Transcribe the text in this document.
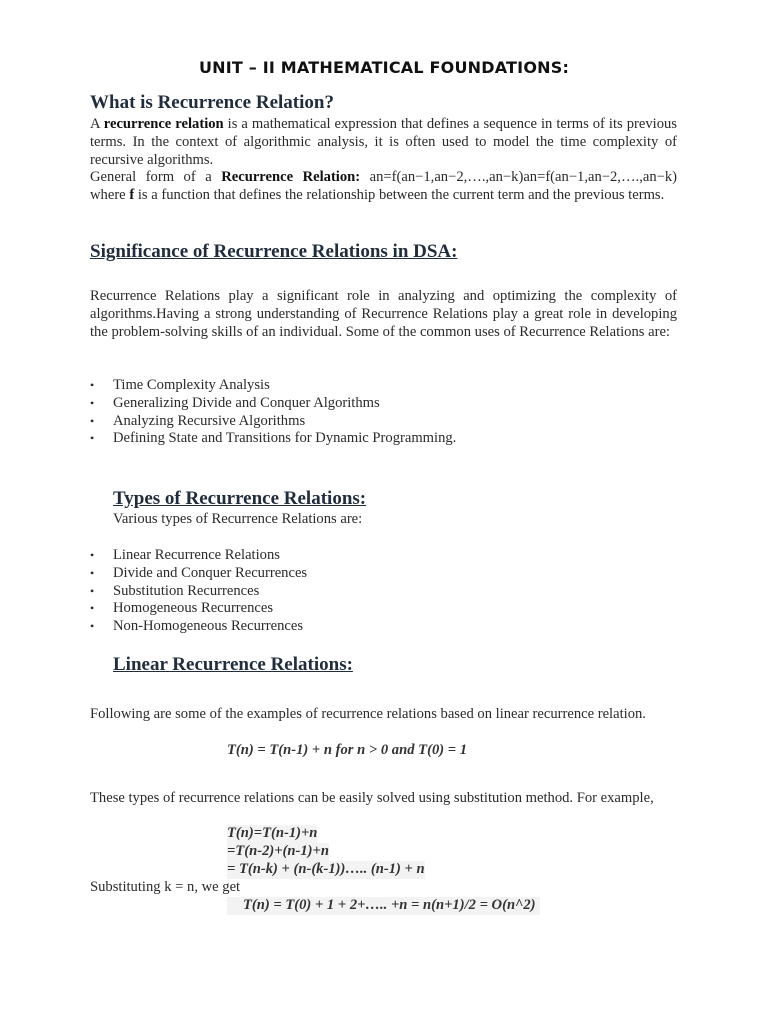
UNIT – II MATHEMATICAL FOUNDATIONS:
What is Recurrence Relation?
A recurrence relation is a mathematical expression that defines a sequence in terms of its previous terms. In the context of algorithmic analysis, it is often used to model the time complexity of recursive algorithms.
General form of a Recurrence Relation: an=f(an−1,an−2,….,an−k)an=f(an−1,an−2,….,an−k) where f is a function that defines the relationship between the current term and the previous terms.
Significance of Recurrence Relations in DSA:
Recurrence Relations play a significant role in analyzing and optimizing the complexity of algorithms.Having a strong understanding of Recurrence Relations play a great role in developing the problem-solving skills of an individual. Some of the common uses of Recurrence Relations are:
• Time Complexity Analysis
• Generalizing Divide and Conquer Algorithms
• Analyzing Recursive Algorithms
• Defining State and Transitions for Dynamic Programming.
Types of Recurrence Relations:
Various types of Recurrence Relations are:
• Linear Recurrence Relations
• Divide and Conquer Recurrences
• Substitution Recurrences
• Homogeneous Recurrences
• Non-Homogeneous Recurrences
Linear Recurrence Relations:
Following are some of the examples of recurrence relations based on linear recurrence relation.
T(n) = T(n-1) + n for n > 0 and T(0) = 1
These types of recurrence relations can be easily solved using substitution method. For example,
T(n)=T(n-1)+n
=T(n-2)+(n-1)+n
= T(n-k) + (n-(k-1))….. (n-1) + n
Substituting k = n, we get
T(n) = T(0) + 1 + 2+….. +n = n(n+1)/2 = O(n^2)
